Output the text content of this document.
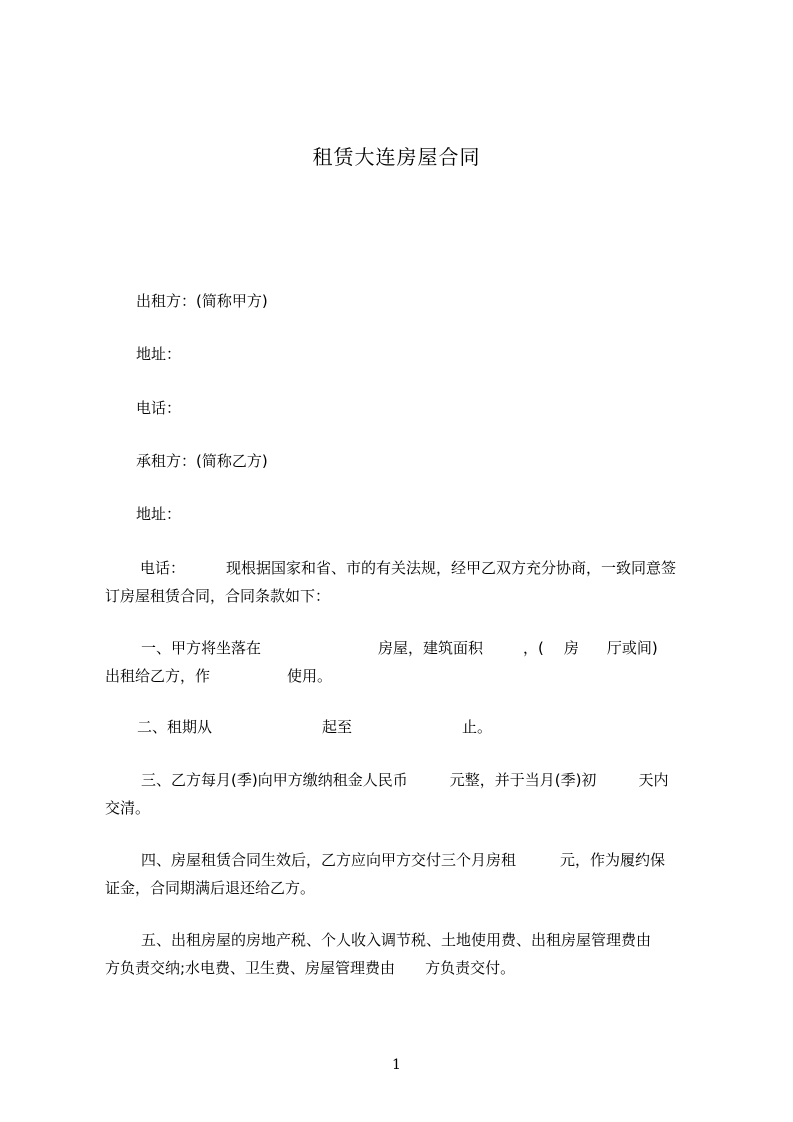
租赁大连房屋合同
出租方：(简称甲方)
地址：
电话：
承租方：(简称乙方)
地址：
电话：	现根据国家和省、市的有关法规，经甲乙双方充分协商，一致同意签
订房屋租赁合同，合同条款如下：
一、甲方将坐落在	房屋，建筑面积	，( 房 厅或间)
出租给乙方，作	使用。
二、租期从	起至	止。
三、乙方每月(季)向甲方缴纳租金人民币	元整，并于当月(季)初	天内
交清。
四、房屋租赁合同生效后，乙方应向甲方交付三个月房租	元，作为履约保
证金，合同期满后退还给乙方。
五、出租房屋的房地产税、个人收入调节税、土地使用费、出租房屋管理费由
方负责交纳;水电费、卫生费、房屋管理费由 方负责交付。
1
